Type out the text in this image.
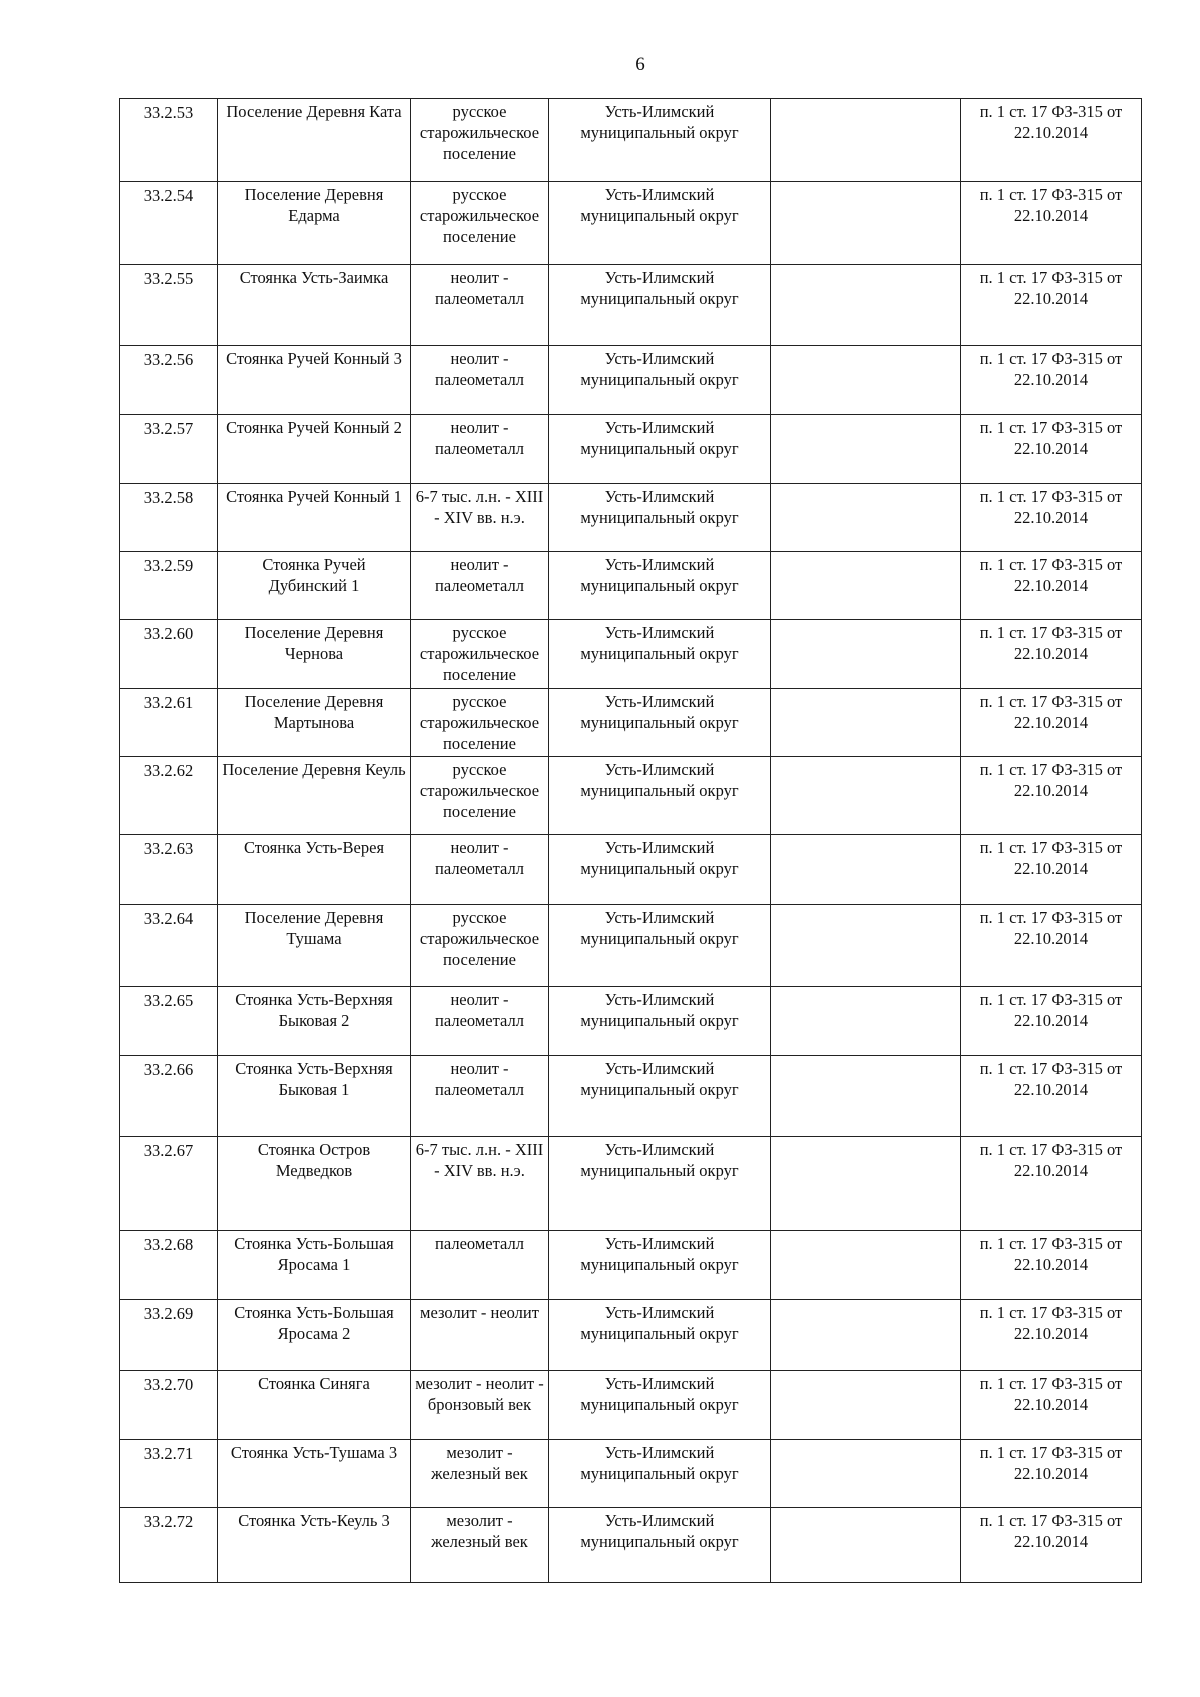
6
33.2.53	Поселение Деревня Ката	русское старожильческое поселение	Усть-Илимский муниципальный округ		п. 1 ст. 17 ФЗ-315 от 22.10.2014
33.2.54	Поселение Деревня Едарма	русское старожильческое поселение	Усть-Илимский муниципальный округ		п. 1 ст. 17 ФЗ-315 от 22.10.2014
33.2.55	Стоянка Усть-Заимка	неолит - палеометалл	Усть-Илимский муниципальный округ		п. 1 ст. 17 ФЗ-315 от 22.10.2014
33.2.56	Стоянка Ручей Конный 3	неолит - палеометалл	Усть-Илимский муниципальный округ		п. 1 ст. 17 ФЗ-315 от 22.10.2014
33.2.57	Стоянка Ручей Конный 2	неолит - палеометалл	Усть-Илимский муниципальный округ		п. 1 ст. 17 ФЗ-315 от 22.10.2014
33.2.58	Стоянка Ручей Конный 1	6-7 тыс. л.н. - XIII - XIV вв. н.э.	Усть-Илимский муниципальный округ		п. 1 ст. 17 ФЗ-315 от 22.10.2014
33.2.59	Стоянка Ручей Дубинский 1	неолит - палеометалл	Усть-Илимский муниципальный округ		п. 1 ст. 17 ФЗ-315 от 22.10.2014
33.2.60	Поселение Деревня Чернова	русское старожильческое поселение	Усть-Илимский муниципальный округ		п. 1 ст. 17 ФЗ-315 от 22.10.2014
33.2.61	Поселение Деревня Мартынова	русское старожильческое поселение	Усть-Илимский муниципальный округ		п. 1 ст. 17 ФЗ-315 от 22.10.2014
33.2.62	Поселение Деревня Кеуль	русское старожильческое поселение	Усть-Илимский муниципальный округ		п. 1 ст. 17 ФЗ-315 от 22.10.2014
33.2.63	Стоянка Усть-Верея	неолит - палеометалл	Усть-Илимский муниципальный округ		п. 1 ст. 17 ФЗ-315 от 22.10.2014
33.2.64	Поселение Деревня Тушама	русское старожильческое поселение	Усть-Илимский муниципальный округ		п. 1 ст. 17 ФЗ-315 от 22.10.2014
33.2.65	Стоянка Усть-Верхняя Быковая 2	неолит - палеометалл	Усть-Илимский муниципальный округ		п. 1 ст. 17 ФЗ-315 от 22.10.2014
33.2.66	Стоянка Усть-Верхняя Быковая 1	неолит - палеометалл	Усть-Илимский муниципальный округ		п. 1 ст. 17 ФЗ-315 от 22.10.2014
33.2.67	Стоянка Остров Медведков	6-7 тыс. л.н. - XIII - XIV вв. н.э.	Усть-Илимский муниципальный округ		п. 1 ст. 17 ФЗ-315 от 22.10.2014
33.2.68	Стоянка Усть-Большая Яросама 1	палеометалл	Усть-Илимский муниципальный округ		п. 1 ст. 17 ФЗ-315 от 22.10.2014
33.2.69	Стоянка Усть-Большая Яросама 2	мезолит - неолит	Усть-Илимский муниципальный округ		п. 1 ст. 17 ФЗ-315 от 22.10.2014
33.2.70	Стоянка Синяга	мезолит - неолит - бронзовый век	Усть-Илимский муниципальный округ		п. 1 ст. 17 ФЗ-315 от 22.10.2014
33.2.71	Стоянка Усть-Тушама 3	мезолит - железный век	Усть-Илимский муниципальный округ		п. 1 ст. 17 ФЗ-315 от 22.10.2014
33.2.72	Стоянка Усть-Кеуль 3	мезолит - железный век	Усть-Илимский муниципальный округ		п. 1 ст. 17 ФЗ-315 от 22.10.2014
